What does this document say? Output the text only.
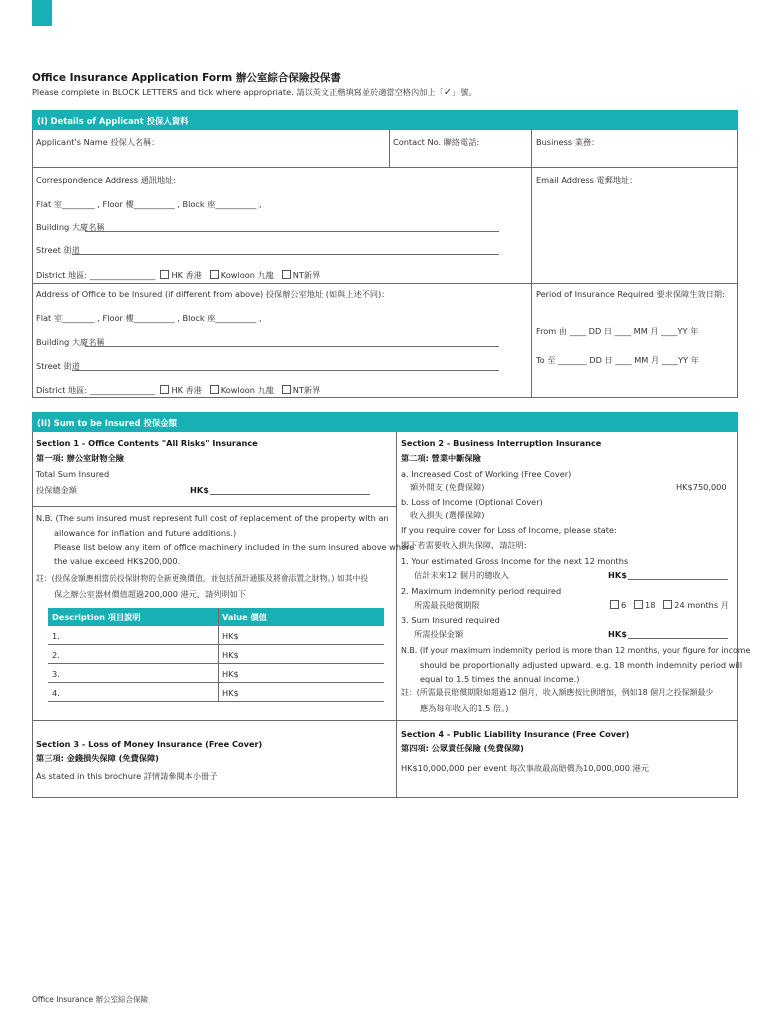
Office Insurance Application Form 辦公室綜合保險投保書
Please complete in BLOCK LETTERS and tick where appropriate. 請以英文正楷填寫並於適當空格內加上「✓」號。
(I) Details of Applicant 投保人資料
Applicant's Name 投保人名稱：	Contact No. 聯絡電話:	Business 業務：
Correspondence Address 通訊地址:	Email Address 電郵地址：
Flat 室________ , Floor 樓__________ , Block 座__________ ,
Building 大廈名稱
Street 街道
District 地區: ________________ HK 香港 Kowloon 九龍 NT新界
Address of Office to be Insured (if different from above) 投保辦公室地址 (如與上述不同)：	Period of Insurance Required 要求保障生效日期:
Flat 室________ , Floor 樓__________ , Block 座__________ ,
Building 大廈名稱
Street 街道
District 地區: ________________ HK 香港 Kowloon 九龍 NT新界
From 由 ____ DD 日 ____ MM 月 ____YY 年
To 至 _______ DD 日 ____ MM 月 ____YY 年
(II) Sum to be Insured 投保金額
Section 1 - Office Contents "All Risks" Insurance
第一項: 辦公室財物全險
Total Sum Insured
投保總金額	HK$
N.B. (The sum insured must represent full cost of replacement of the property with an
allowance for inflation and future additions.)
Please list below any item of office machinery included in the sum insured above where
the value exceed HK$200,000.
註：(投保金額應相當於投保財物的全新更換價值，並包括預計通脹及將會添置之財物。) 如其中投
保之辦公室器材價值超過200,000 港元，請列明如下
Description 項目說明	Value 價值
1.	HK$
2.	HK$
3.	HK$
4.	HK$
Section 2 - Business Interruption Insurance
第二項: 營業中斷保險
a. Increased Cost of Working (Free Cover)
額外開支 (免費保障)	HK$750,000
b. Loss of Income (Optional Cover)
收入損失 (選擇保障)
If you require cover for Loss of Income, please state:
閣下若需要收入損失保障，請註明:
1. Your estimated Gross Income for the next 12 months
估計未來12 個月的總收入	HK$
2. Maximum indemnity period required
所需最長賠償期限	6 18 24 months 月
3. Sum Insured required
所需投保金額	HK$
N.B. (If your maximum indemnity period is more than 12 months, your figure for income
should be proportionally adjusted upward. e.g. 18 month indemnity period will
equal to 1.5 times the annual income.)
註：(所需最長賠償期限如超過12 個月，收入額應按比例增加，例如18 個月之投保額最少
應為每年收入的1.5 倍。)
Section 3 - Loss of Money Insurance (Free Cover)
第三項: 金錢損失保障 (免費保障)
As stated in this brochure 詳情請參閱本小冊子
Section 4 - Public Liability Insurance (Free Cover)
第四項: 公眾責任保險 (免費保障)
HK$10,000,000 per event 每次事故最高賠償為10,000,000 港元
Office Insurance 辦公室綜合保險
